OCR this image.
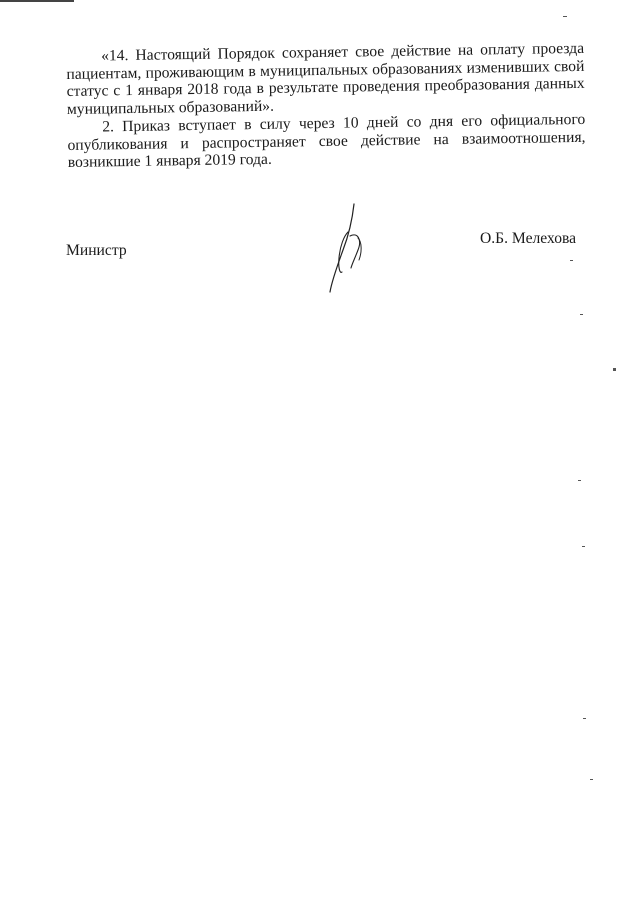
«14. Настоящий Порядок сохраняет свое действие на оплату проезда пациентам, проживающим в муниципальных образованиях изменивших свой статус с 1 января 2018 года в результате проведения преобразования данных муниципальных образований».

2. Приказ вступает в силу через 10 дней со дня его официального опубликования и распространяет свое действие на взаимоотношения, возникшие 1 января 2019 года.

Министр
О.Б. Мелехова
